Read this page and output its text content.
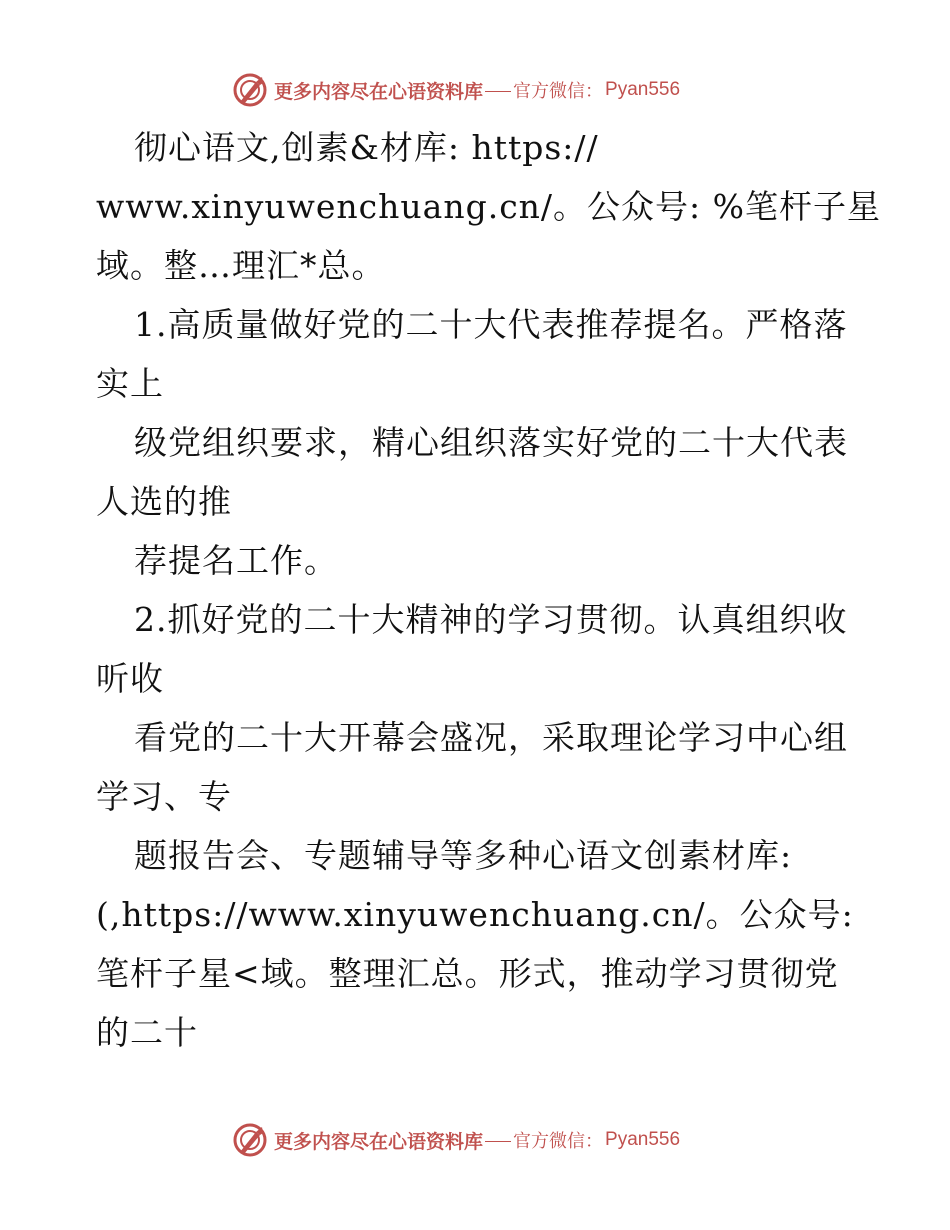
更多内容尽在心语资料库 官方微信： Pyan556
彻心语文,创素&材库: https://
www.xinyuwenchuang.cn/。公众号: %笔杆子星
域。整…理汇*总。
1.高质量做好党的二十大代表推荐提名。严格落
实上
级党组织要求，精心组织落实好党的二十大代表
人选的推
荐提名工作。
2.抓好党的二十大精神的学习贯彻。认真组织收
听收
看党的二十大开幕会盛况，采取理论学习中心组
学习、专
题报告会、专题辅导等多种心语文创素材库:
(,https://www.xinyuwenchuang.cn/。公众号:
笔杆子星<域。整理汇总。形式，推动学习贯彻党
的二十
更多内容尽在心语资料库 官方微信： Pyan556
